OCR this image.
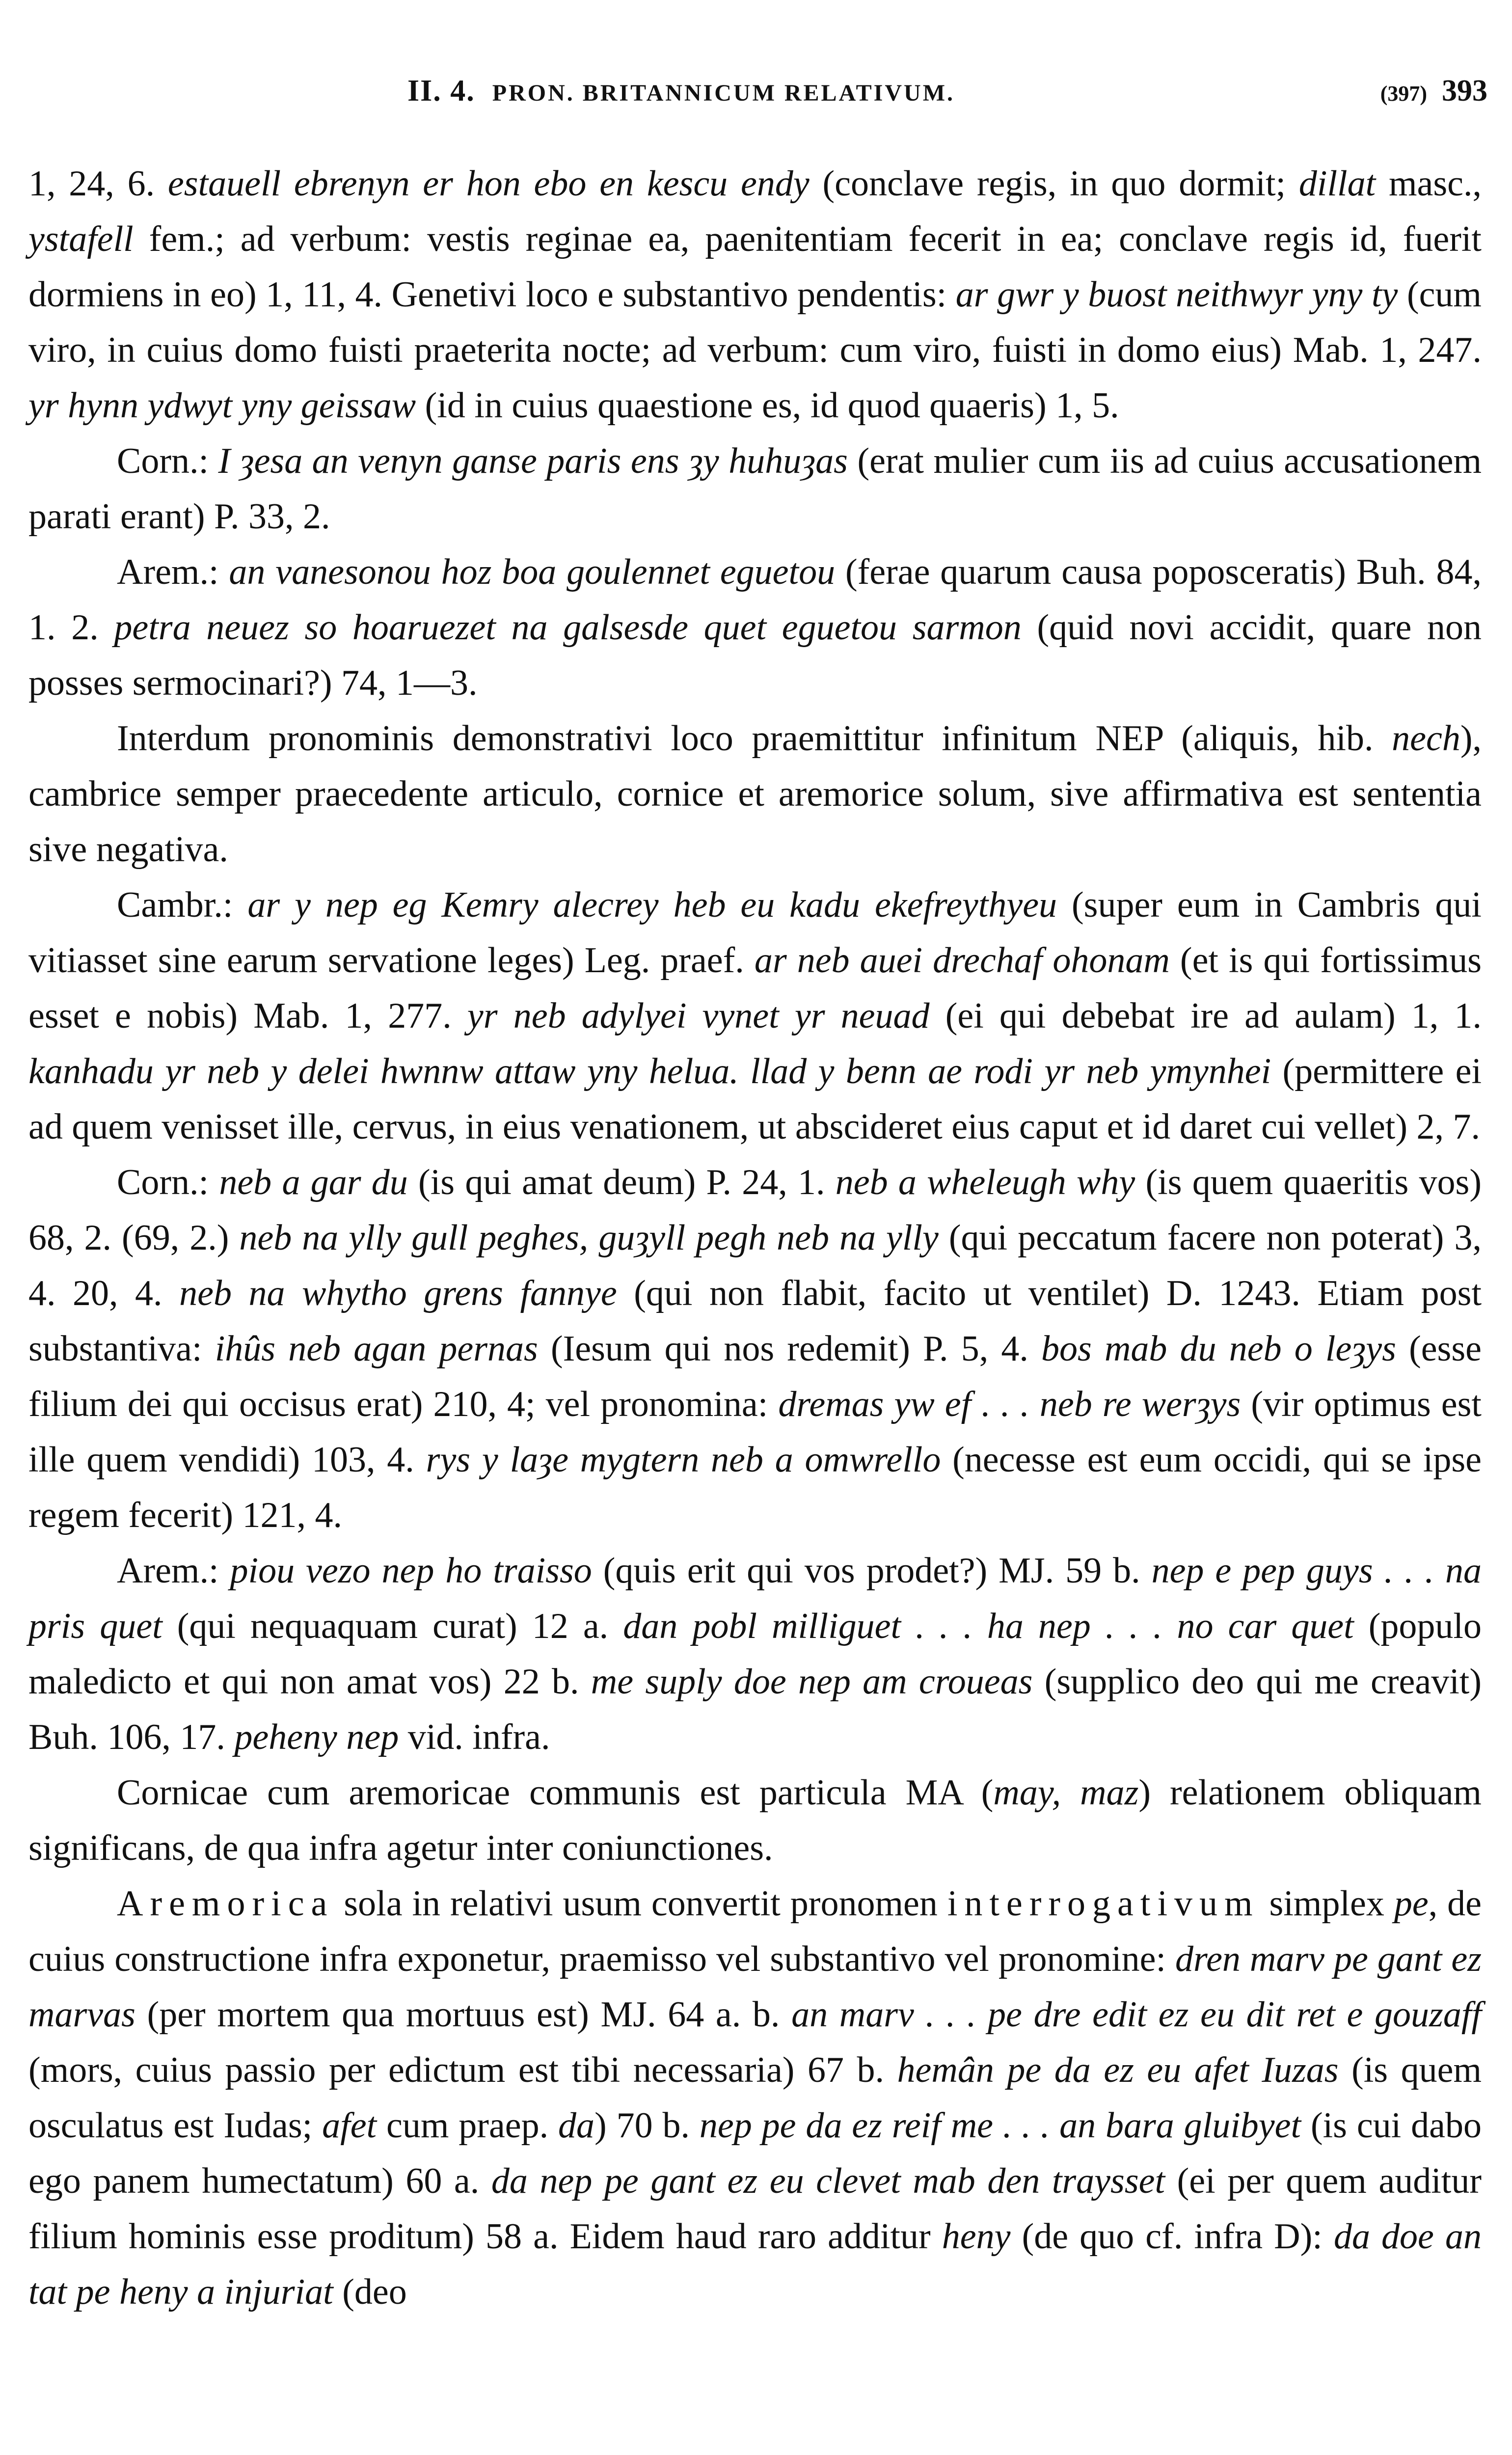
II. 4. PRON. BRITANNICUM RELATIVUM.	(397) 393

1, 24, 6. estauell ebrenyn er hon ebo en kescu endy (conclave regis, in quo dormit; dillat masc., ystafell fem.; ad verbum: vestis reginae ea, paenitentiam fecerit in ea; conclave regis id, fuerit dormiens in eo) 1, 11, 4. Genetivi loco e substantivo pendentis: ar gwr y buost neithwyr yny ty (cum viro, in cuius domo fuisti praeterita nocte; ad verbum: cum viro, fuisti in domo eius) Mab. 1, 247. yr hynn ydwyt yny geissaw (id in cuius quaestione es, id quod quaeris) 1, 5.

Corn.: I ȝesa an venyn ganse paris ens ȝy huhuȝas (erat mulier cum iis ad cuius accusationem parati erant) P. 33, 2.

Arem.: an vanesonou hoz boa goulennet eguetou (ferae quarum causa poposceratis) Buh. 84, 1. 2. petra neuez so hoaruezet na galsesde quet eguetou sarmon (quid novi accidit, quare non posses sermocinari?) 74, 1—3.

Interdum pronominis demonstrativi loco praemittitur infinitum NEP (aliquis, hib. nech), cambrice semper praecedente articulo, cornice et aremorice solum, sive affirmativa est sententia sive negativa.

Cambr.: ar y nep eg Kemry alecrey heb eu kadu ekefreythyeu (super eum in Cambris qui vitiasset sine earum servatione leges) Leg. praef. ar neb auei drechaf ohonam (et is qui fortissimus esset e nobis) Mab. 1, 277. yr neb adylyei vynet yr neuad (ei qui debebat ire ad aulam) 1, 1. kanhadu yr neb y delei hwnnw attaw yny helua. llad y benn ae rodi yr neb ymynhei (permittere ei ad quem venisset ille, cervus, in eius venationem, ut abscideret eius caput et id daret cui vellet) 2, 7.

Corn.: neb a gar du (is qui amat deum) P. 24, 1. neb a wheleugh why (is quem quaeritis vos) 68, 2. (69, 2.) neb na ylly gull peghes, guȝyll pegh neb na ylly (qui peccatum facere non poterat) 3, 4. 20, 4. neb na whytho grens fannye (qui non flabit, facito ut ventilet) D. 1243. Etiam post substantiva: ihûs neb agan pernas (Iesum qui nos redemit) P. 5, 4. bos mab du neb o leȝys (esse filium dei qui occisus erat) 210, 4; vel pronomina: dremas yw ef . . . neb re werȝys (vir optimus est ille quem vendidi) 103, 4. rys y laȝe mygtern neb a omwrello (necesse est eum occidi, qui se ipse regem fecerit) 121, 4.

Arem.: piou vezo nep ho traisso (quis erit qui vos prodet?) MJ. 59 b. nep e pep guys . . . na pris quet (qui nequaquam curat) 12 a. dan pobl milliguet . . . ha nep . . . no car quet (populo maledicto et qui non amat vos) 22 b. me suply doe nep am croueas (supplico deo qui me creavit) Buh. 106, 17. peheny nep vid. infra.

Cornicae cum aremoricae communis est particula MA (may, maz) relationem obliquam significans, de qua infra agetur inter coniunctiones.

Aremorica sola in relativi usum convertit pronomen interrogativum simplex pe, de cuius constructione infra exponetur, praemisso vel substantivo vel pronomine: dren marv pe gant ez marvas (per mortem qua mortuus est) MJ. 64 a. b. an marv . . . pe dre edit ez eu dit ret e gouzaff (mors, cuius passio per edictum est tibi necessaria) 67 b. hemân pe da ez eu afet Iuzas (is quem osculatus est Iudas; afet cum praep. da) 70 b. nep pe da ez reif me . . . an bara gluibyet (is cui dabo ego panem humectatum) 60 a. da nep pe gant ez eu clevet mab den traysset (ei per quem auditur filium hominis esse proditum) 58 a. Eidem haud raro additur heny (de quo cf. infra D): da doe an tat pe heny a injuriat (deo
